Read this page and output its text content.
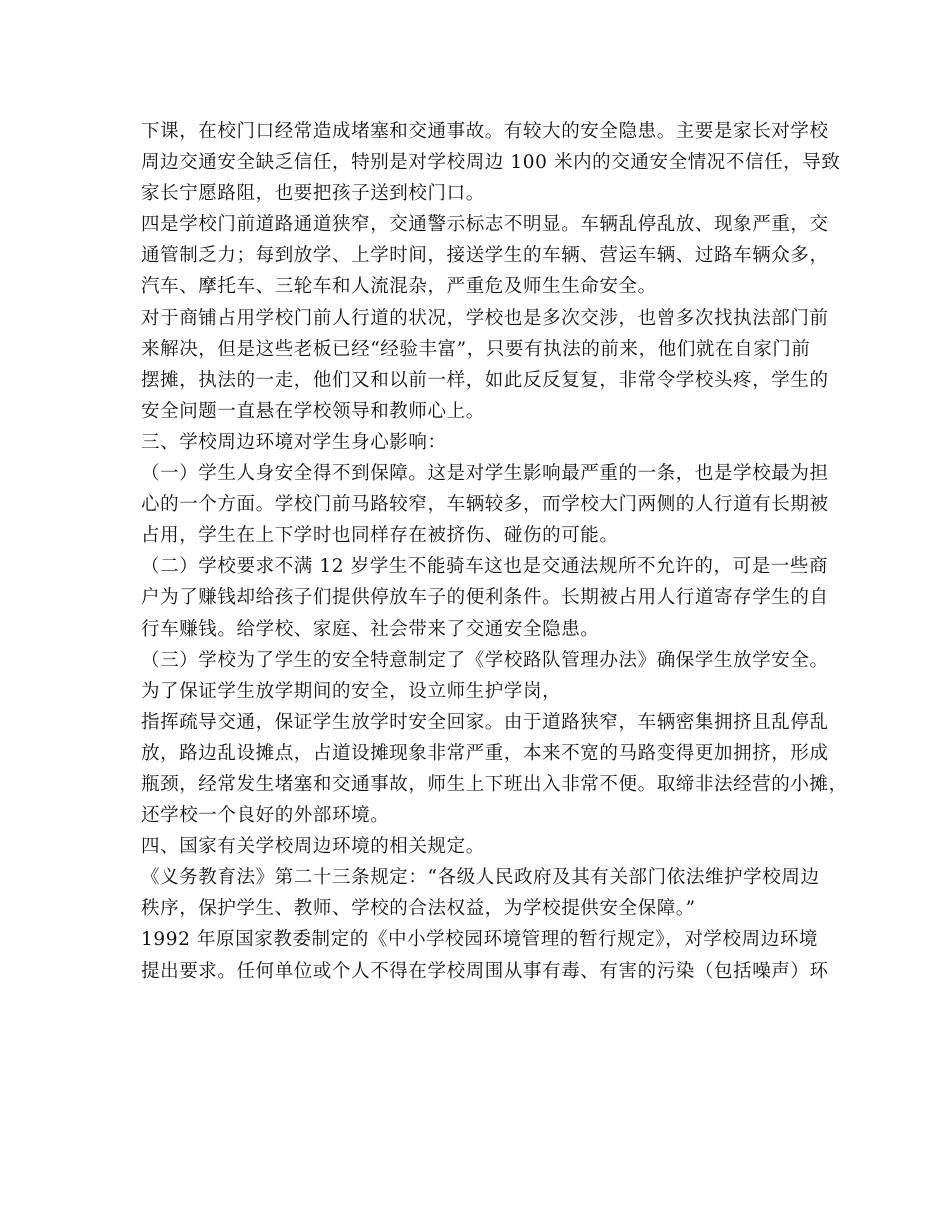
下课，在校门口经常造成堵塞和交通事故。有较大的安全隐患。主要是家长对学校
周边交通安全缺乏信任，特别是对学校周边 100 米内的交通安全情况不信任，导致
家长宁愿路阻，也要把孩子送到校门口。
四是学校门前道路通道狭窄，交通警示标志不明显。车辆乱停乱放、现象严重，交
通管制乏力；每到放学、上学时间，接送学生的车辆、营运车辆、过路车辆众多，
汽车、摩托车、三轮车和人流混杂，严重危及师生生命安全。
对于商铺占用学校门前人行道的状况，学校也是多次交涉，也曾多次找执法部门前
来解决，但是这些老板已经“经验丰富”，只要有执法的前来，他们就在自家门前
摆摊，执法的一走，他们又和以前一样，如此反反复复，非常令学校头疼，学生的
安全问题一直悬在学校领导和教师心上。
三、学校周边环境对学生身心影响：
（一）学生人身安全得不到保障。这是对学生影响最严重的一条，也是学校最为担
心的一个方面。学校门前马路较窄，车辆较多，而学校大门两侧的人行道有长期被
占用，学生在上下学时也同样存在被挤伤、碰伤的可能。
（二）学校要求不满 12 岁学生不能骑车这也是交通法规所不允许的，可是一些商
户为了赚钱却给孩子们提供停放车子的便利条件。长期被占用人行道寄存学生的自
行车赚钱。给学校、家庭、社会带来了交通安全隐患。
（三）学校为了学生的安全特意制定了《学校路队管理办法》确保学生放学安全。
为了保证学生放学期间的安全，设立师生护学岗，
指挥疏导交通，保证学生放学时安全回家。由于道路狭窄，车辆密集拥挤且乱停乱
放，路边乱设摊点，占道设摊现象非常严重，本来不宽的马路变得更加拥挤，形成
瓶颈，经常发生堵塞和交通事故，师生上下班出入非常不便。取缔非法经营的小摊，
还学校一个良好的外部环境。
四、国家有关学校周边环境的相关规定。
《义务教育法》第二十三条规定：“各级人民政府及其有关部门依法维护学校周边
秩序，保护学生、教师、学校的合法权益，为学校提供安全保障。”
1992 年原国家教委制定的《中小学校园环境管理的暂行规定》，对学校周边环境
提出要求。任何单位或个人不得在学校周围从事有毒、有害的污染（包括噪声）环
